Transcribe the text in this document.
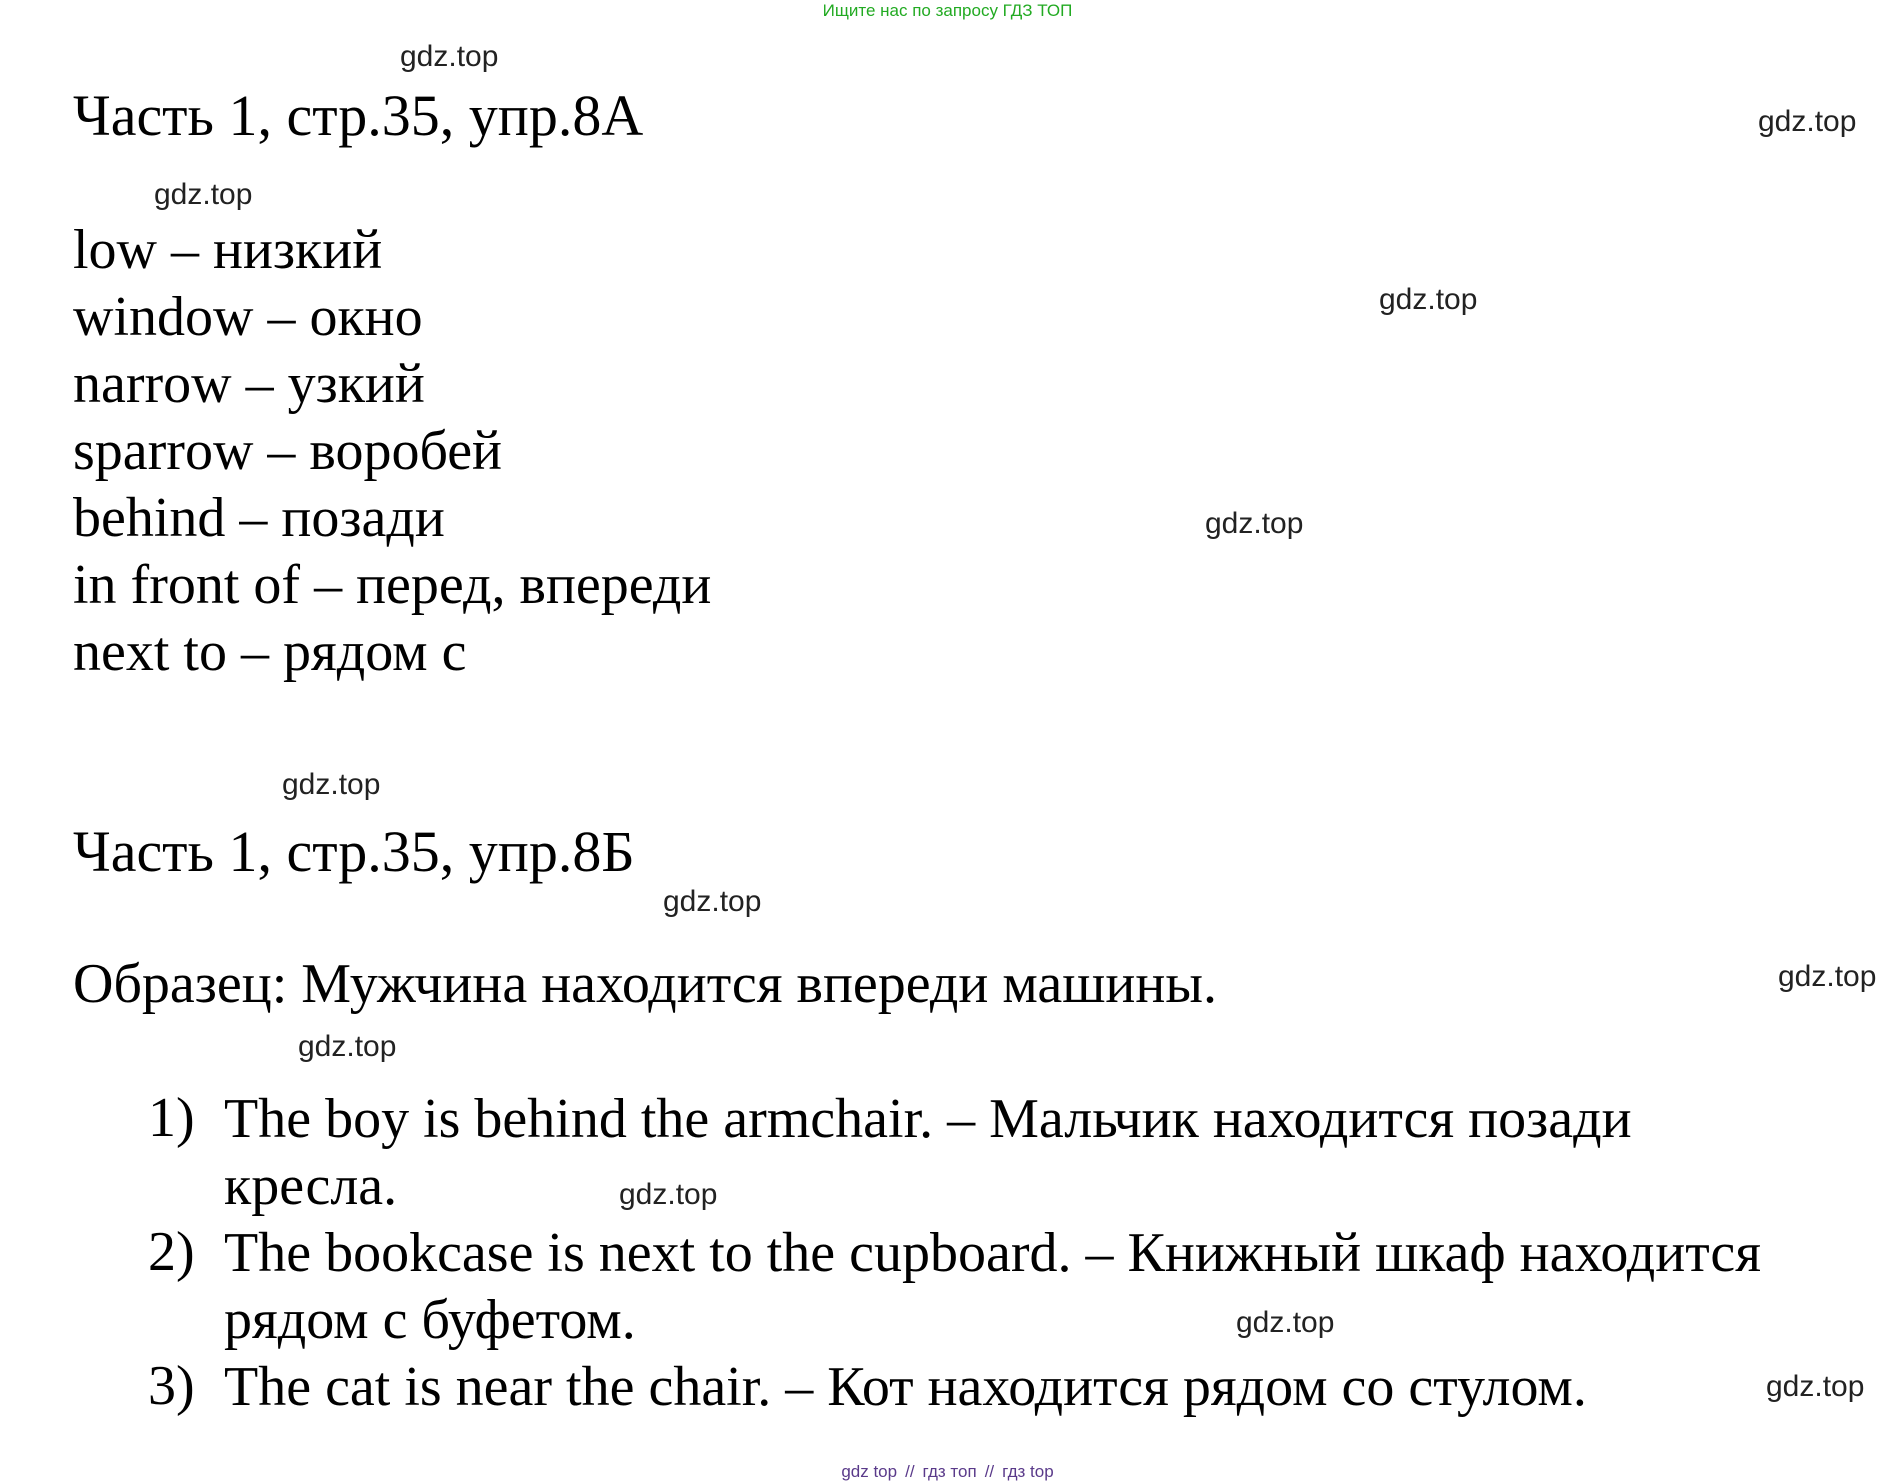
Ищите нас по запросу ГДЗ ТОП
gdz.top
gdz.top
gdz.top
gdz.top
gdz.top
gdz.top
gdz.top
gdz.top
gdz.top
gdz.top
gdz.top
gdz.top
Часть 1, стр.35, упр.8А
low – низкий
window – окно
narrow – узкий
sparrow – воробей
behind – позади
in front of – перед, впереди
next to – рядом с
Часть 1, стр.35, упр.8Б
Образец: Мужчина находится впереди машины.
1) The boy is behind the armchair. – Мальчик находится позади
кресла.
2) The bookcase is next to the cupboard. – Книжный шкаф находится
рядом с буфетом.
3) The cat is near the chair. – Кот находится рядом со стулом.
gdz top // гдз топ // гдз top
